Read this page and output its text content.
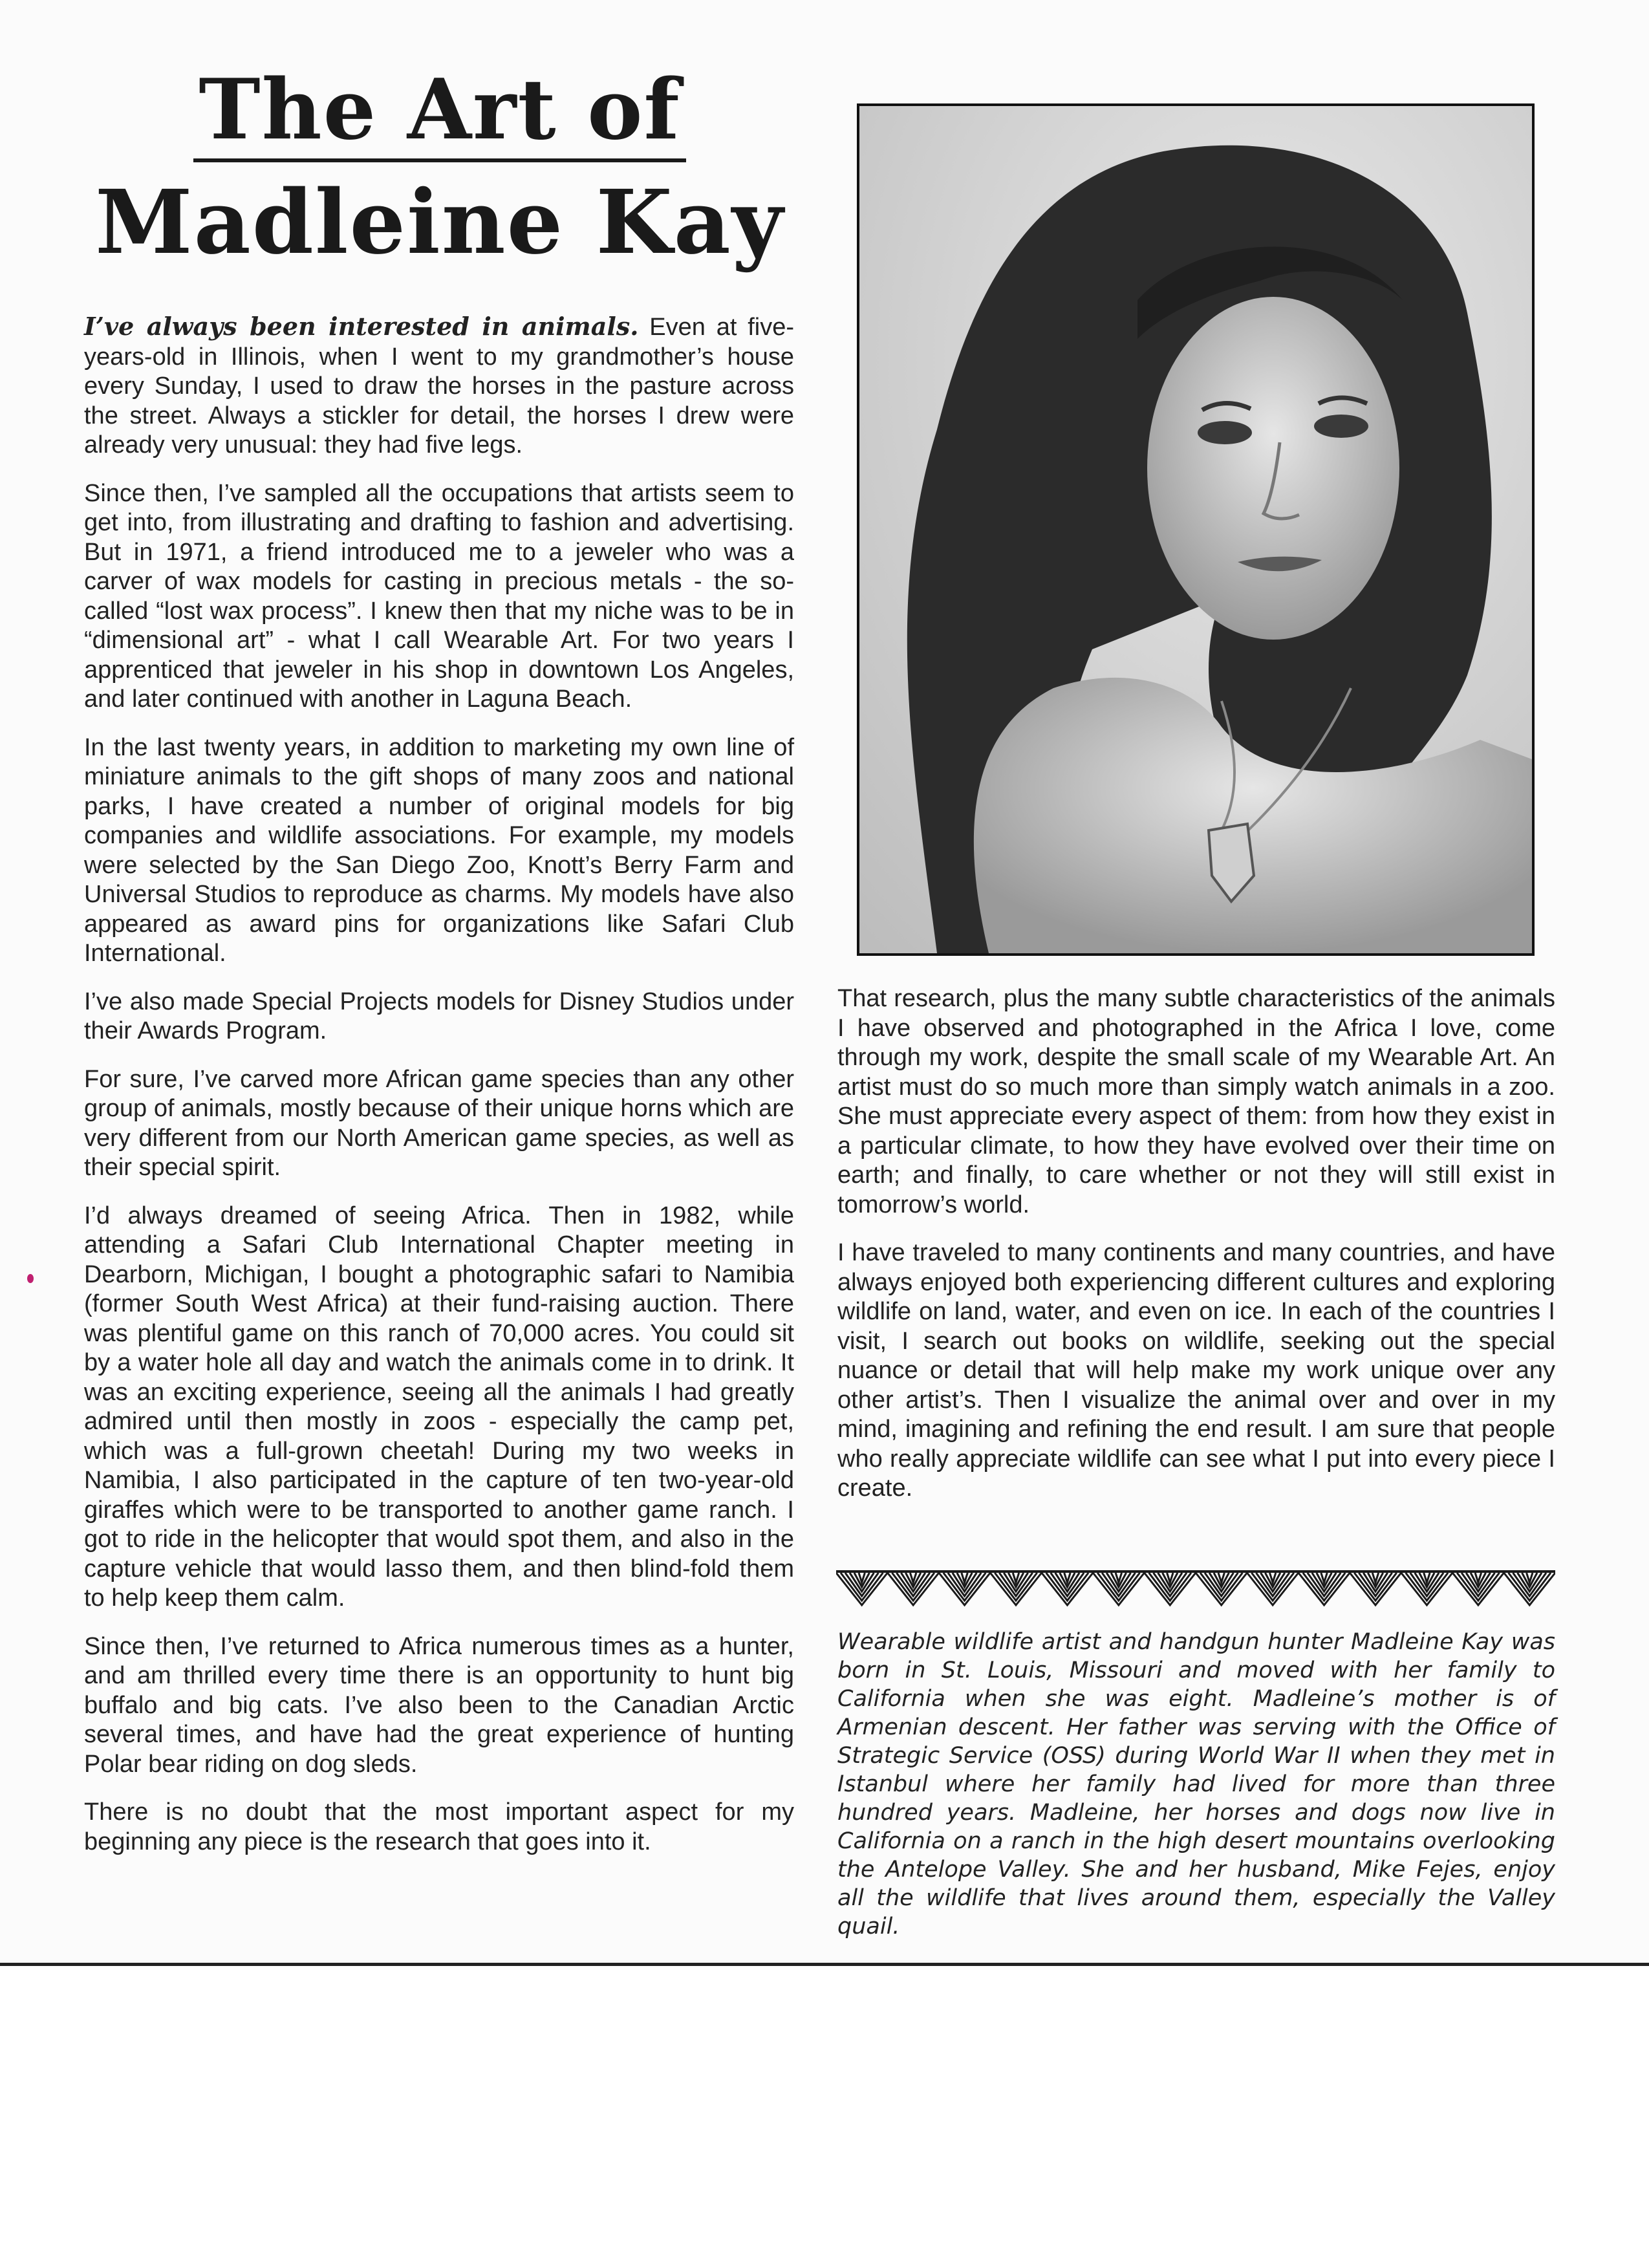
The Art of
Madleine Kay

I’ve always been interested in animals. Even at five-years-old in Illinois, when I went to my grandmother’s house every Sunday, I used to draw the horses in the pasture across the street. Always a stickler for detail, the horses I drew were already very unusual: they had five legs.

Since then, I’ve sampled all the occupations that artists seem to get into, from illustrating and drafting to fashion and advertising. But in 1971, a friend introduced me to a jeweler who was a carver of wax models for casting in precious metals - the so-called “lost wax process”. I knew then that my niche was to be in “dimensional art” - what I call Wearable Art. For two years I apprenticed that jeweler in his shop in downtown Los Angeles, and later continued with another in Laguna Beach.

In the last twenty years, in addition to marketing my own line of miniature animals to the gift shops of many zoos and national parks, I have created a number of original models for big companies and wildlife associations. For example, my models were selected by the San Diego Zoo, Knott’s Berry Farm and Universal Studios to reproduce as charms. My models have also appeared as award pins for organizations like Safari Club International.

I’ve also made Special Projects models for Disney Studios under their Awards Program.

For sure, I’ve carved more African game species than any other group of animals, mostly because of their unique horns which are very different from our North American game species, as well as their special spirit.

I’d always dreamed of seeing Africa. Then in 1982, while attending a Safari Club International Chapter meeting in Dearborn, Michigan, I bought a photographic safari to Namibia (former South West Africa) at their fund-raising auction. There was plentiful game on this ranch of 70,000 acres. You could sit by a water hole all day and watch the animals come in to drink. It was an exciting experience, seeing all the animals I had greatly admired until then mostly in zoos - especially the camp pet, which was a full-grown cheetah! During my two weeks in Namibia, I also participated in the capture of ten two-year-old giraffes which were to be transported to another game ranch. I got to ride in the helicopter that would spot them, and also in the capture vehicle that would lasso them, and then blind-fold them to help keep them calm.

Since then, I’ve returned to Africa numerous times as a hunter, and am thrilled every time there is an opportunity to hunt big buffalo and big cats. I’ve also been to the Canadian Arctic several times, and have had the great experience of hunting Polar bear riding on dog sleds.

There is no doubt that the most important aspect for my beginning any piece is the research that goes into it.

That research, plus the many subtle characteristics of the animals I have observed and photographed in the Africa I love, come through my work, despite the small scale of my Wearable Art. An artist must do so much more than simply watch animals in a zoo. She must appreciate every aspect of them: from how they exist in a particular climate, to how they have evolved over their time on earth; and finally, to care whether or not they will still exist in tomorrow’s world.

I have traveled to many continents and many countries, and have always enjoyed both experiencing different cultures and exploring wildlife on land, water, and even on ice. In each of the countries I visit, I search out books on wildlife, seeking out the special nuance or detail that will help make my work unique over any other artist’s. Then I visualize the animal over and over in my mind, imagining and refining the end result. I am sure that people who really appreciate wildlife can see what I put into every piece I create.

Wearable wildlife artist and handgun hunter Madleine Kay was born in St. Louis, Missouri and moved with her family to California when she was eight. Madleine’s mother is of Armenian descent. Her father was serving with the Office of Strategic Service (OSS) during World War II when they met in Istanbul where her family had lived for more than three hundred years. Madleine, her horses and dogs now live in California on a ranch in the high desert mountains overlooking the Antelope Valley. She and her husband, Mike Fejes, enjoy all the wildlife that lives around them, especially the Valley quail.
